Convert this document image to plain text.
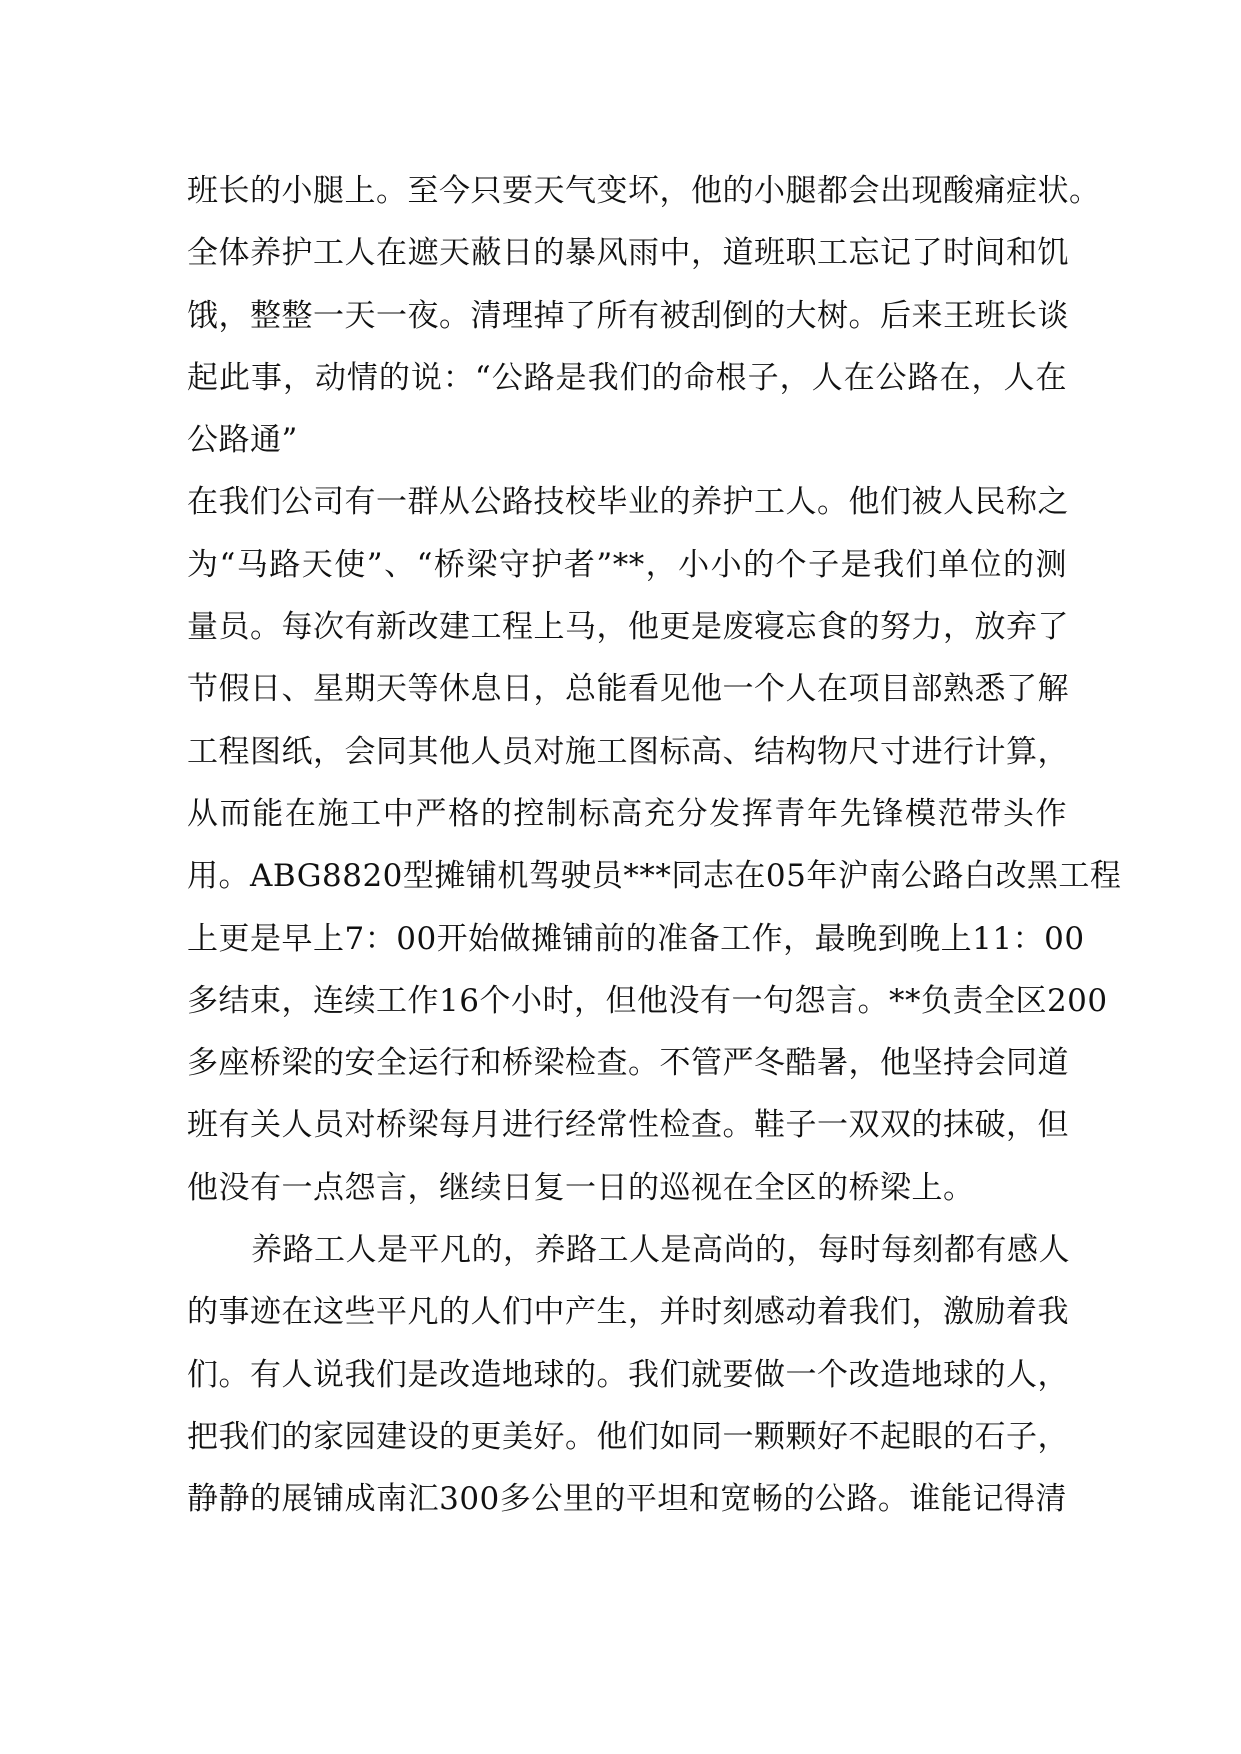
班长的小腿上。至今只要天气变坏，他的小腿都会出现酸痛症状。
全体养护工人在遮天蔽日的暴风雨中，道班职工忘记了时间和饥
饿，整整一天一夜。清理掉了所有被刮倒的大树。后来王班长谈
起此事，动情的说：“公路是我们的命根子，人在公路在，人在
公路通”
在我们公司有一群从公路技校毕业的养护工人。他们被人民称之
为“马路天使”、“桥梁守护者”**，小小的个子是我们单位的测
量员。每次有新改建工程上马，他更是废寝忘食的努力，放弃了
节假日、星期天等休息日，总能看见他一个人在项目部熟悉了解
工程图纸，会同其他人员对施工图标高、结构物尺寸进行计算，
从而能在施工中严格的控制标高充分发挥青年先锋模范带头作
用。ABG8820型摊铺机驾驶员***同志在05年沪南公路白改黑工程
上更是早上7：00开始做摊铺前的准备工作，最晚到晚上11：00
多结束，连续工作16个小时，但他没有一句怨言。**负责全区200
多座桥梁的安全运行和桥梁检查。不管严冬酷暑，他坚持会同道
班有关人员对桥梁每月进行经常性检查。鞋子一双双的抹破，但
他没有一点怨言，继续日复一日的巡视在全区的桥梁上。
养路工人是平凡的，养路工人是高尚的，每时每刻都有感人
的事迹在这些平凡的人们中产生，并时刻感动着我们，激励着我
们。有人说我们是改造地球的。我们就要做一个改造地球的人，
把我们的家园建设的更美好。他们如同一颗颗好不起眼的石子，
静静的展铺成南汇300多公里的平坦和宽畅的公路。谁能记得清
